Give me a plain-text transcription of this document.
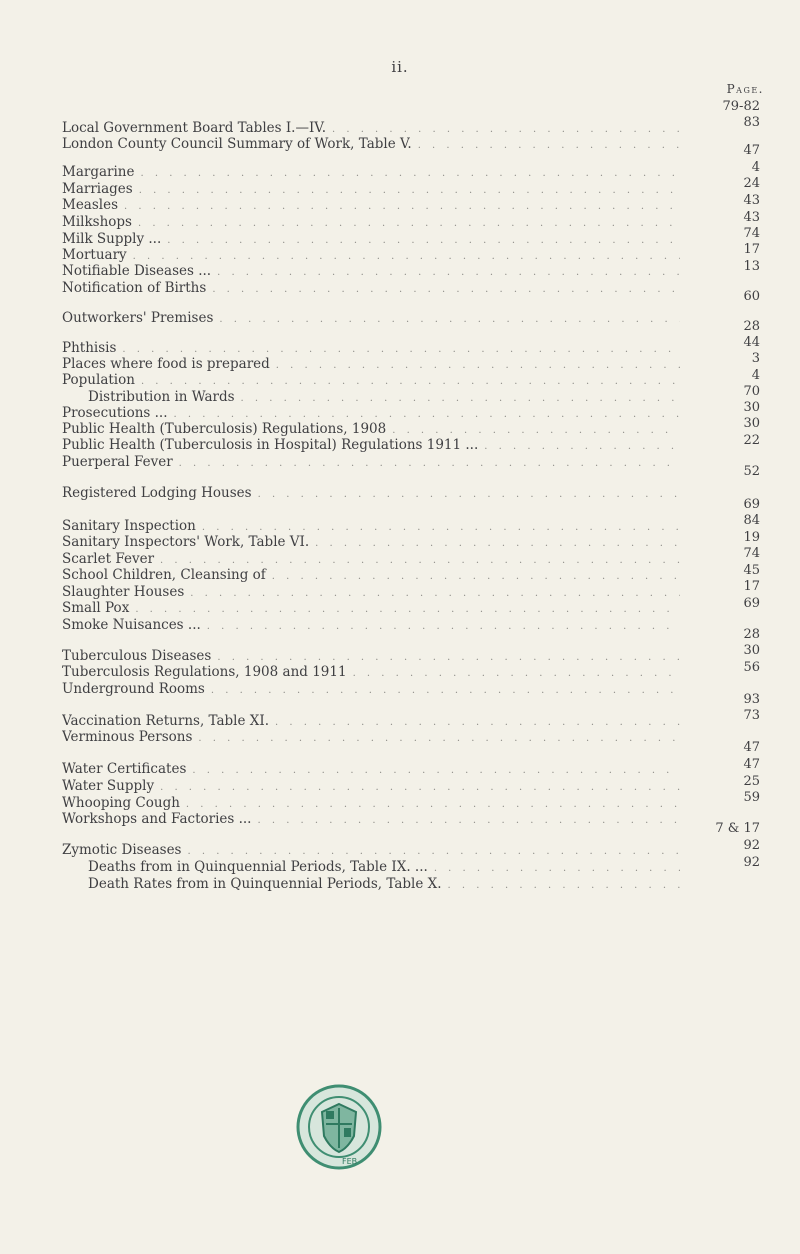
ii.
Page.
Local Government Board Tables I.—IV.
. . .
79-82
London County Council Summary of Work, Table V.
. . .
83
Margarine
. . .
47
Marriages
. . .
4
Measles
. . .
24
Milkshops
. . .
43
Milk Supply ...
. . .
43
Mortuary
. . .
74
Notifiable Diseases ...
. . .
17
Notification of Births
. . .
13
Outworkers' Premises
. . .
60
Phthisis
. . .
28
Places where food is prepared
. . .
44
Population
. . .
3
Distribution in Wards
. . .
4
Prosecutions ...
. . .
70
Public Health (Tuberculosis) Regulations, 1908
. . .
30
Public Health (Tuberculosis in Hospital) Regulations 1911 ...
. . .
30
Puerperal Fever
. . .
22
Registered Lodging Houses
. . .
52
Sanitary Inspection
. . .
69
Sanitary Inspectors' Work, Table VI.
. . .
84
Scarlet Fever
. . .
19
School Children, Cleansing of
. . .
74
Slaughter Houses
. . .
45
Small Pox
. . .
17
Smoke Nuisances ...
. . .
69
Tuberculous Diseases
. . .
28
Tuberculosis Regulations, 1908 and 1911
. . .
30
Underground Rooms
. . .
56
Vaccination Returns, Table XI.
. . .
93
Verminous Persons
. . .
73
Water Certificates
. . .
47
Water Supply
. . .
47
Whooping Cough
. . .
25
Workshops and Factories ...
. . .
59
Zymotic Diseases
. . .
7 & 17
Deaths from in Quinquennial Periods, Table IX. ...
. . .
92
Death Rates from in Quinquennial Periods, Table X.
. . .
92
FEB
